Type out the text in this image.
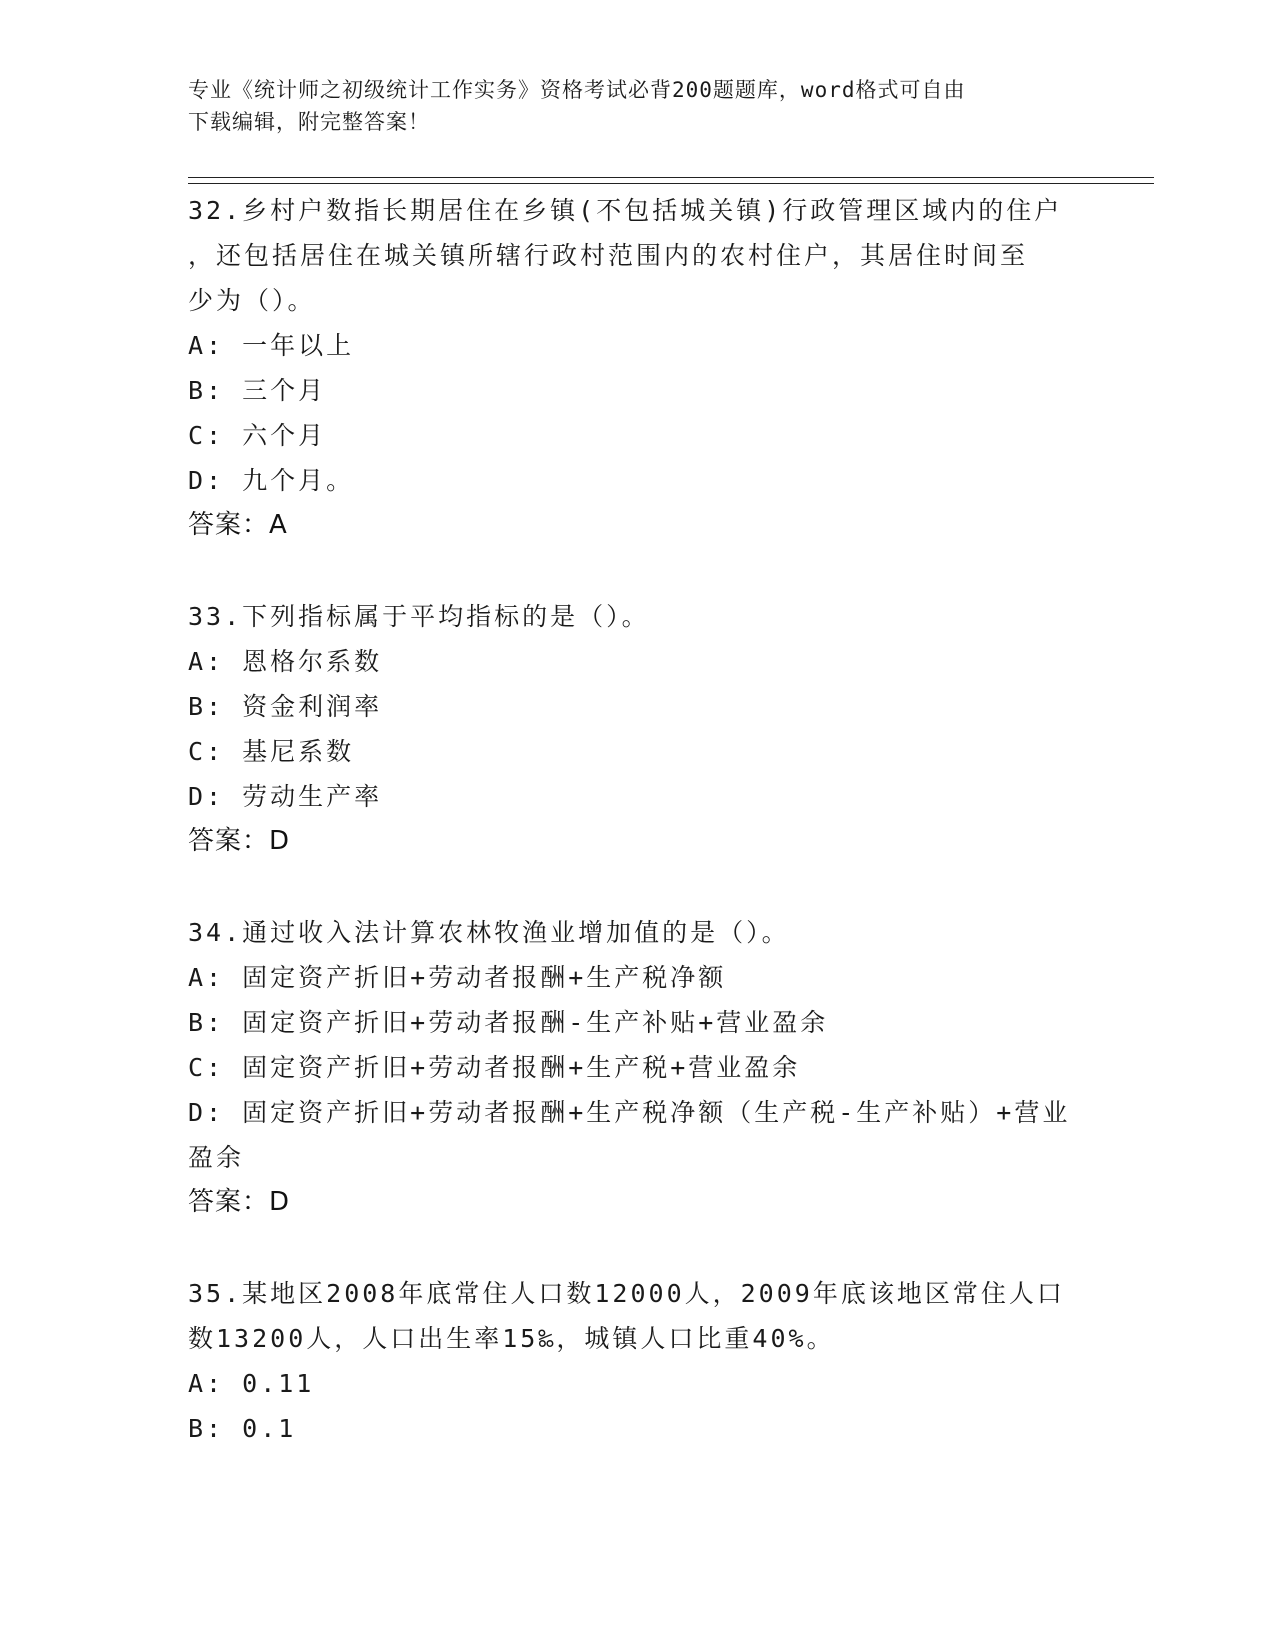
专业《统计师之初级统计工作实务》资格考试必背200题题库，word格式可自由
下载编辑，附完整答案！

32.乡村户数指长期居住在乡镇(不包括城关镇)行政管理区域内的住户

，还包括居住在城关镇所辖行政村范围内的农村住户，其居住时间至

少为（）。

A: 一年以上

B: 三个月

C: 六个月

D: 九个月。

答案：A

33.下列指标属于平均指标的是（）。

A: 恩格尔系数

B: 资金利润率

C: 基尼系数

D: 劳动生产率

答案：D

34.通过收入法计算农林牧渔业增加值的是（）。

A: 固定资产折旧+劳动者报酬+生产税净额

B: 固定资产折旧+劳动者报酬-生产补贴+营业盈余

C: 固定资产折旧+劳动者报酬+生产税+营业盈余

D: 固定资产折旧+劳动者报酬+生产税净额（生产税-生产补贴）+营业

盈余

答案：D

35.某地区2008年底常住人口数12000人，2009年底该地区常住人口

数13200人，人口出生率15‰，城镇人口比重40%。

A: 0.11

B: 0.1
